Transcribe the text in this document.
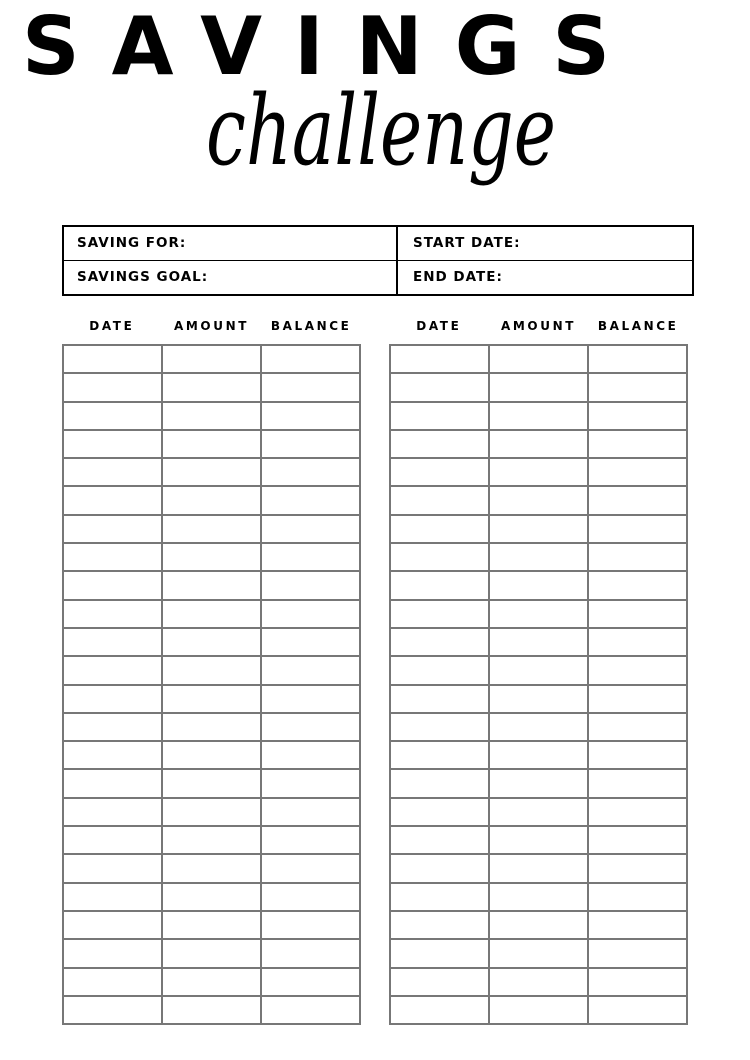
SAVINGS
challenge
SAVING FOR:	START DATE:
SAVINGS GOAL:	END DATE:
DATE	AMOUNT	BALANCE	DATE	AMOUNT	BALANCE
